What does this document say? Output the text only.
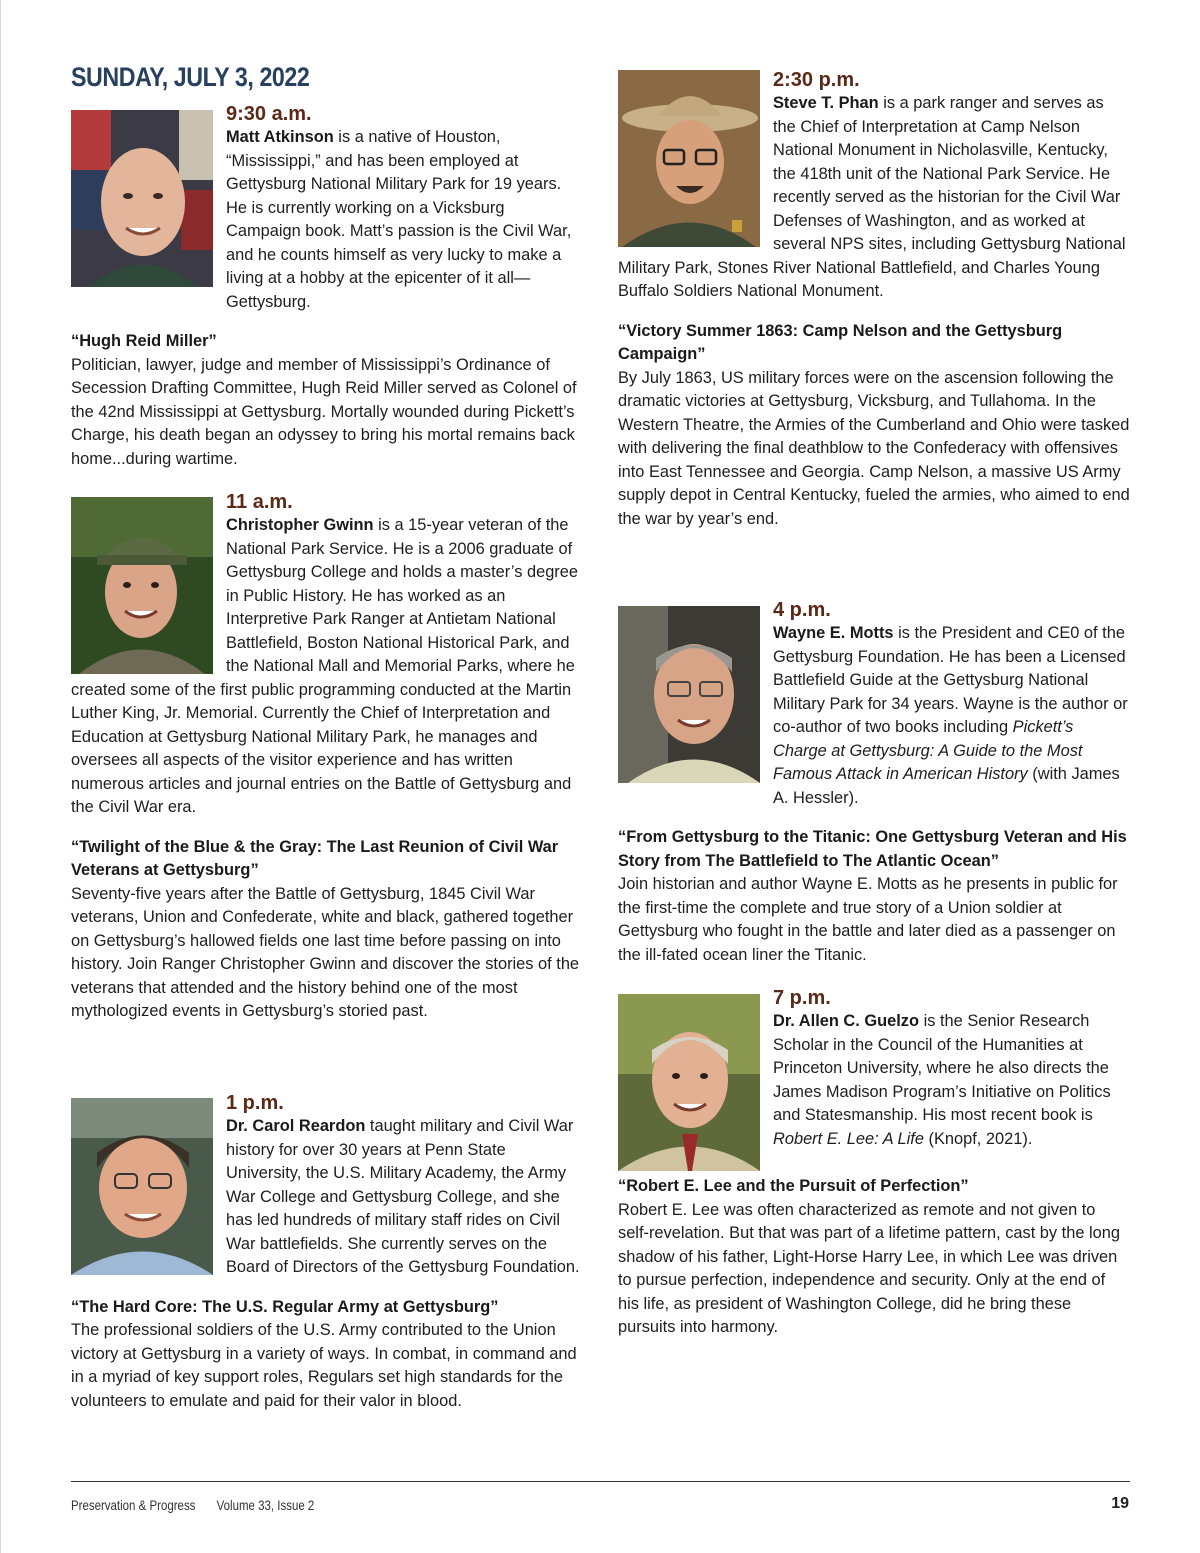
SUNDAY, JULY 3, 2022

9:30 a.m.

Matt Atkinson is a native of Houston, “Mississippi,” and has been employed at Gettysburg National Military Park for 19 years. He is currently working on a Vicksburg Campaign book. Matt’s passion is the Civil War, and he counts himself as very lucky to make a living at a hobby at the epicenter of it all—Gettysburg.

“Hugh Reid Miller”

Politician, lawyer, judge and member of Mississippi’s Ordinance of Secession Drafting Committee, Hugh Reid Miller served as Colonel of the 42nd Mississippi at Gettysburg. Mortally wounded during Pickett’s Charge, his death began an odyssey to bring his mortal remains back home...during wartime.

11 a.m.

Christopher Gwinn is a 15-year veteran of the National Park Service. He is a 2006 graduate of Gettysburg College and holds a master’s degree in Public History. He has worked as an Interpretive Park Ranger at Antietam National Battlefield, Boston National Historical Park, and the National Mall and Memorial Parks, where he created some of the first public programming conducted at the Martin Luther King, Jr. Memorial. Currently the Chief of Interpretation and Education at Gettysburg National Military Park, he manages and oversees all aspects of the visitor experience and has written numerous articles and journal entries on the Battle of Gettysburg and the Civil War era.

“Twilight of the Blue & the Gray: The Last Reunion of Civil War Veterans at Gettysburg”

Seventy-five years after the Battle of Gettysburg, 1845 Civil War veterans, Union and Confederate, white and black, gathered together on Gettysburg’s hallowed fields one last time before passing on into history. Join Ranger Christopher Gwinn and discover the stories of the veterans that attended and the history behind one of the most mythologized events in Gettysburg’s storied past.

1 p.m.

Dr. Carol Reardon taught military and Civil War history for over 30 years at Penn State University, the U.S. Military Academy, the Army War College and Gettysburg College, and she has led hundreds of military staff rides on Civil War battlefields. She currently serves on the Board of Directors of the Gettysburg Foundation.

“The Hard Core: The U.S. Regular Army at Gettysburg”

The professional soldiers of the U.S. Army contributed to the Union victory at Gettysburg in a variety of ways. In combat, in command and in a myriad of key support roles, Regulars set high standards for the volunteers to emulate and paid for their valor in blood.

2:30 p.m.

Steve T. Phan is a park ranger and serves as the Chief of Interpretation at Camp Nelson National Monument in Nicholasville, Kentucky, the 418th unit of the National Park Service. He recently served as the historian for the Civil War Defenses of Washington, and as worked at several NPS sites, including Gettysburg National Military Park, Stones River National Battlefield, and Charles Young Buffalo Soldiers National Monument.

“Victory Summer 1863: Camp Nelson and the Gettysburg Campaign”

By July 1863, US military forces were on the ascension following the dramatic victories at Gettysburg, Vicksburg, and Tullahoma. In the Western Theatre, the Armies of the Cumberland and Ohio were tasked with delivering the final deathblow to the Confederacy with offensives into East Tennessee and Georgia. Camp Nelson, a massive US Army supply depot in Central Kentucky, fueled the armies, who aimed to end the war by year’s end.

4 p.m.

Wayne E. Motts is the President and CE0 of the Gettysburg Foundation. He has been a Licensed Battlefield Guide at the Gettysburg National Military Park for 34 years. Wayne is the author or co-author of two books including Pickett’s Charge at Gettysburg: A Guide to the Most Famous Attack in American History (with James A. Hessler).

“From Gettysburg to the Titanic: One Gettysburg Veteran and His Story from The Battlefield to The Atlantic Ocean”

Join historian and author Wayne E. Motts as he presents in public for the first-time the complete and true story of a Union soldier at Gettysburg who fought in the battle and later died as a passenger on the ill-fated ocean liner the Titanic.

7 p.m.

Dr. Allen C. Guelzo is the Senior Research Scholar in the Council of the Humanities at Princeton University, where he also directs the James Madison Program’s Initiative on Politics and Statesmanship. His most recent book is Robert E. Lee: A Life (Knopf, 2021).

“Robert E. Lee and the Pursuit of Perfection”

Robert E. Lee was often characterized as remote and not given to self-revelation. But that was part of a lifetime pattern, cast by the long shadow of his father, Light-Horse Harry Lee, in which Lee was driven to pursue perfection, independence and security. Only at the end of his life, as president of Washington College, did he bring these pursuits into harmony.

Preservation & Progress Volume 33, Issue 2	19
